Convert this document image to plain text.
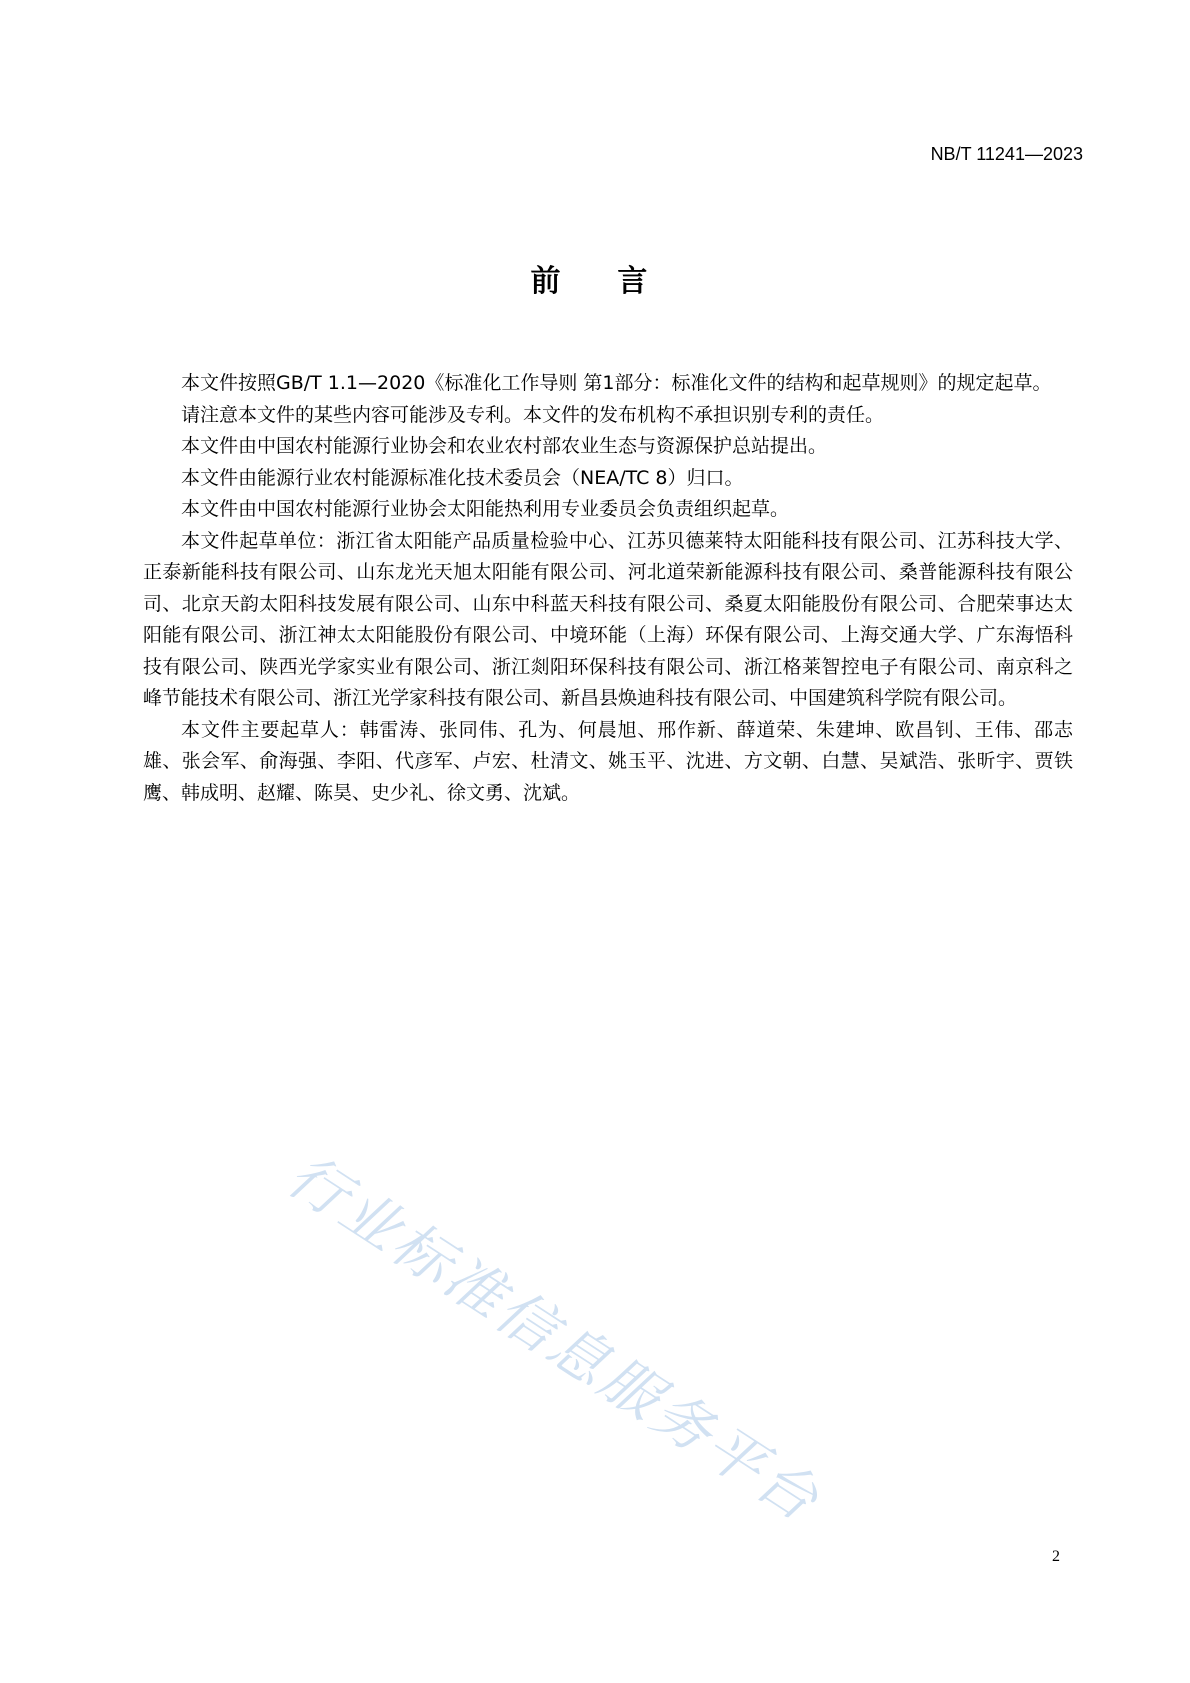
NB/T 11241—2023
前  言

本文件按照GB/T 1.1—2020《标准化工作导则 第1部分：标准化文件的结构和起草规则》的规定起草。

请注意本文件的某些内容可能涉及专利。本文件的发布机构不承担识别专利的责任。

本文件由中国农村能源行业协会和农业农村部农业生态与资源保护总站提出。

本文件由能源行业农村能源标准化技术委员会（NEA/TC 8）归口。

本文件由中国农村能源行业协会太阳能热利用专业委员会负责组织起草。

本文件起草单位：浙江省太阳能产品质量检验中心、江苏贝德莱特太阳能科技有限公司、江苏科技大学、正泰新能科技有限公司、山东龙光天旭太阳能有限公司、河北道荣新能源科技有限公司、桑普能源科技有限公司、北京天韵太阳科技发展有限公司、山东中科蓝天科技有限公司、桑夏太阳能股份有限公司、合肥荣事达太阳能有限公司、浙江神太太阳能股份有限公司、中境环能（上海）环保有限公司、上海交通大学、广东海悟科技有限公司、陕西光学家实业有限公司、浙江剡阳环保科技有限公司、浙江格莱智控电子有限公司、南京科之峰节能技术有限公司、浙江光学家科技有限公司、新昌县焕迪科技有限公司、中国建筑科学院有限公司。

本文件主要起草人：韩雷涛、张同伟、孔为、何晨旭、邢作新、薛道荣、朱建坤、欧昌钊、王伟、邵志雄、张会军、俞海强、李阳、代彦军、卢宏、杜清文、姚玉平、沈进、方文朝、白慧、吴斌浩、张昕宇、贾铁鹰、韩成明、赵耀、陈昊、史少礼、徐文勇、沈斌。

行业标准信息服务平台
2
